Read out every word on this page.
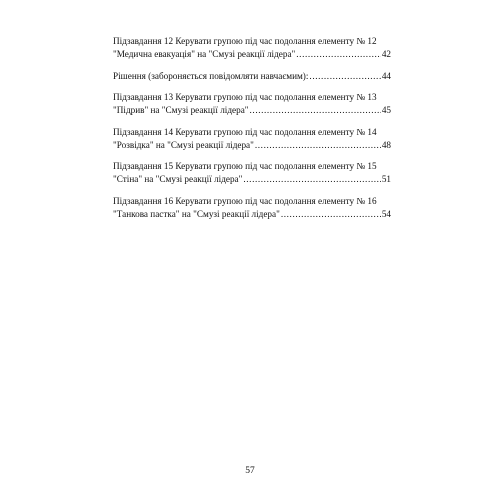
Підзавдання 12 Керувати групою під час подолання елементу № 12
"Медична евакуація" на "Смузі реакції лідера" .....	42
Рішення (забороняється повідомляти навчаємим): .....	44
Підзавдання 13 Керувати групою під час подолання елементу № 13
"Підрив" на "Смузі реакції лідера" .....	45
Підзавдання 14 Керувати групою під час подолання елементу № 14
"Розвідка" на "Смузі реакції лідера" .....	48
Підзавдання 15 Керувати групою під час подолання елементу № 15
"Стіна" на "Смузі реакції лідера" .....	51
Підзавдання 16 Керувати групою під час подолання елементу № 16
"Танкова пастка" на "Смузі реакції лідера" .....	54
57
